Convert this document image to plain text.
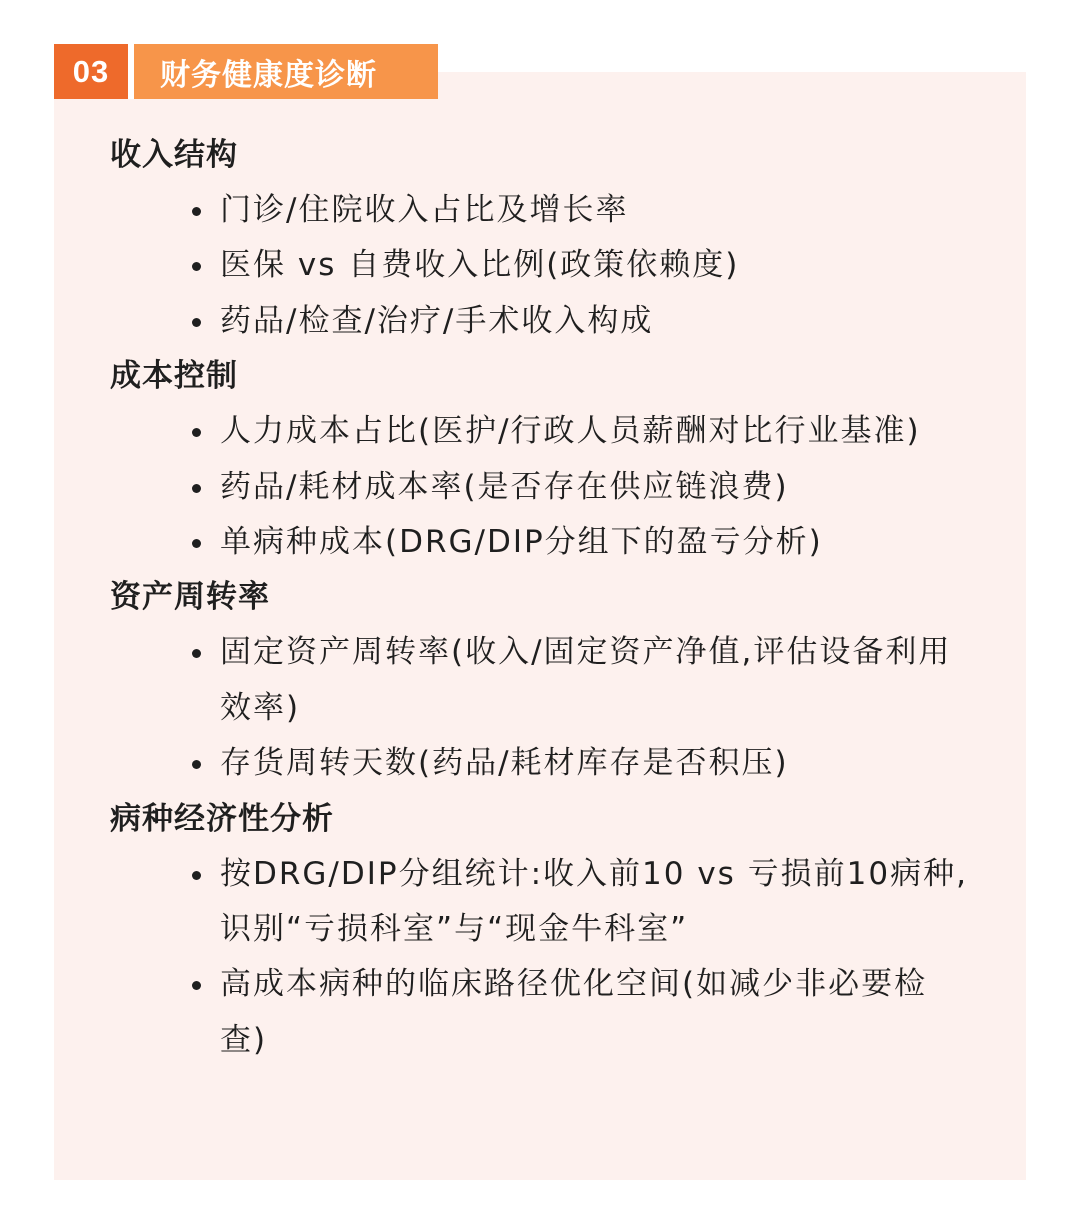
03	财务健康度诊断
收入结构
门诊/住院收入占比及增长率
医保 vs 自费收入比例(政策依赖度)
药品/检查/治疗/手术收入构成
成本控制
人力成本占比(医护/行政人员薪酬对比行业基准)
药品/耗材成本率(是否存在供应链浪费)
单病种成本(DRG/DIP分组下的盈亏分析)
资产周转率
固定资产周转率(收入/固定资产净值,评估设备利用效率)
存货周转天数(药品/耗材库存是否积压)
病种经济性分析
按DRG/DIP分组统计:收入前10 vs 亏损前10病种,识别“亏损科室”与“现金牛科室”
高成本病种的临床路径优化空间(如减少非必要检查)
